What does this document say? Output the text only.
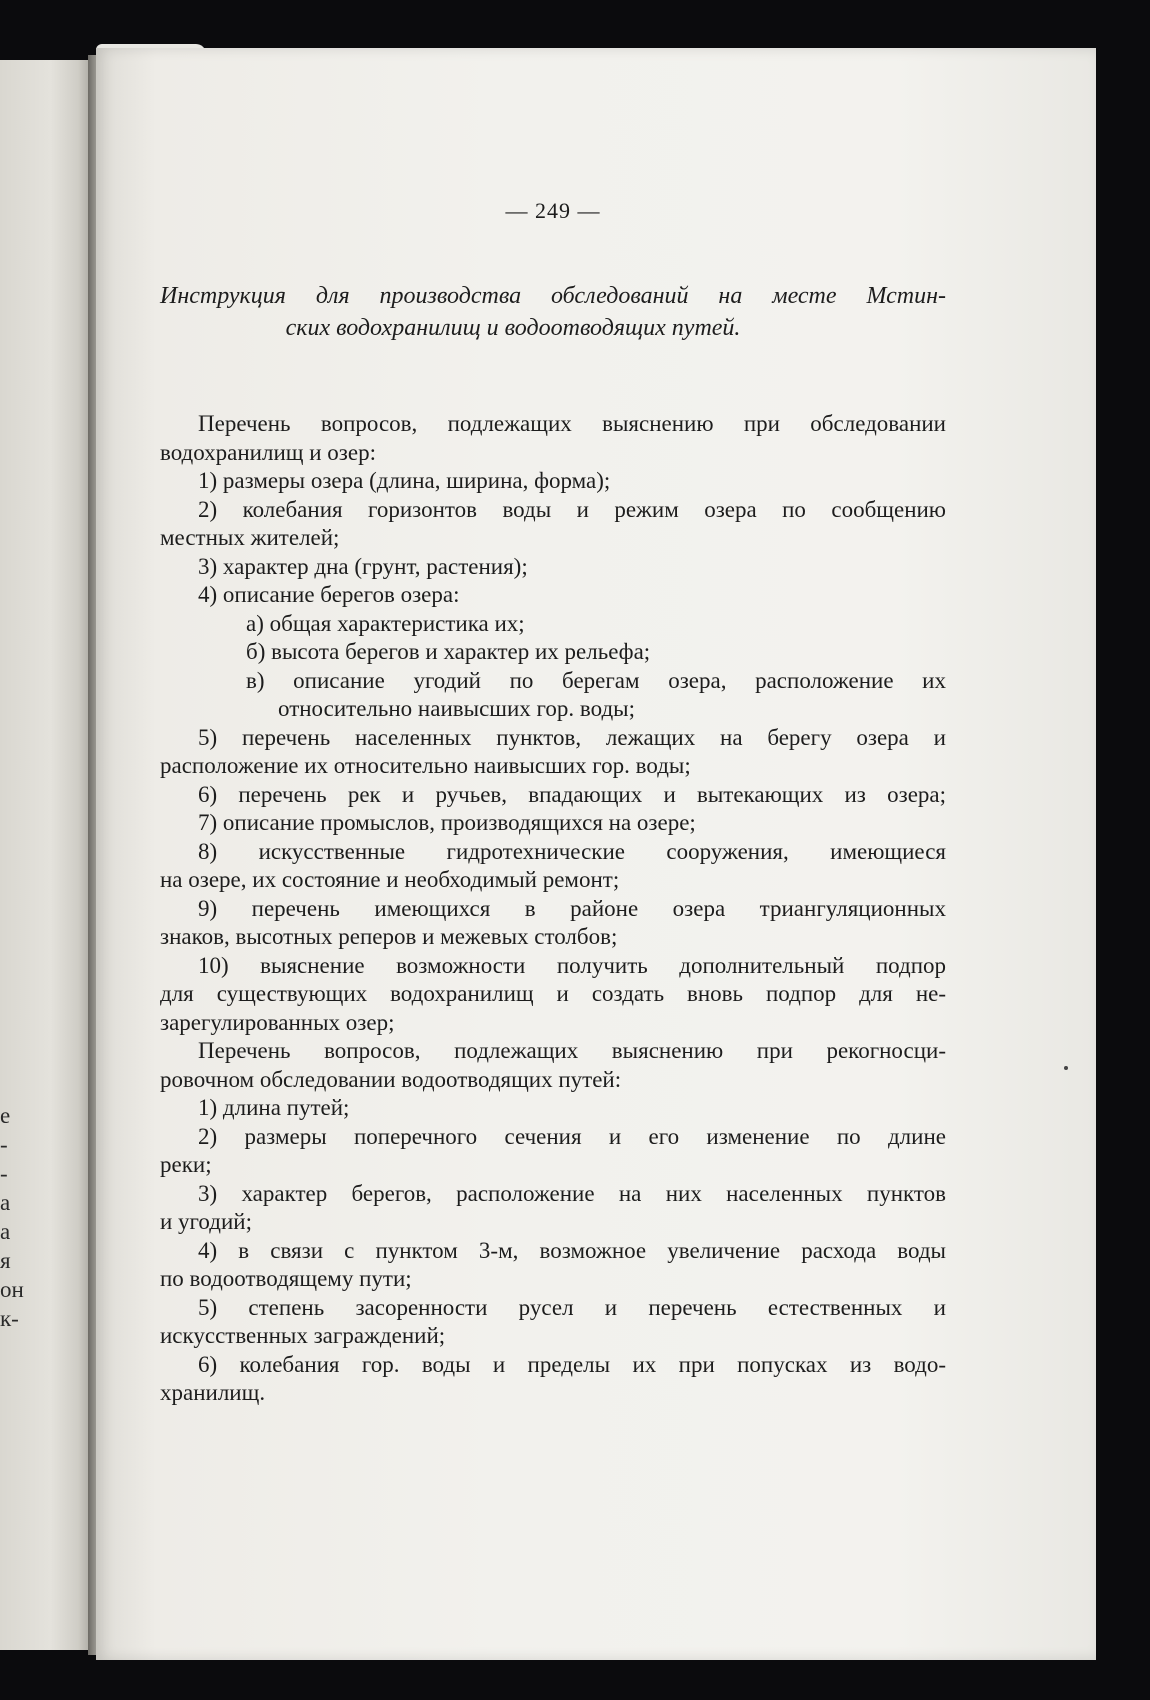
е
-
-
а
а
я
он
к-
— 249 —
Инструкция для производства обследований на месте Мстин-
ских водохранилищ и водоотводящих путей.
Перечень вопросов, подлежащих выяснению при обследовании
водохранилищ и озер:
1) размеры озера (длина, ширина, форма);
2) колебания горизонтов воды и режим озера по сообщению
местных жителей;
3) характер дна (грунт, растения);
4) описание берегов озера:
а) общая характеристика их;
б) высота берегов и характер их рельефа;
в) описание угодий по берегам озера, расположение их
относительно наивысших гор. воды;
5) перечень населенных пунктов, лежащих на берегу озера и
расположение их относительно наивысших гор. воды;
6) перечень рек и ручьев, впадающих и вытекающих из озера;
7) описание промыслов, производящихся на озере;
8) искусственные гидротехнические сооружения, имеющиеся
на озере, их состояние и необходимый ремонт;
9) перечень имеющихся в районе озера триангуляционных
знаков, высотных реперов и межевых столбов;
10) выяснение возможности получить дополнительный подпор
для существующих водохранилищ и создать вновь подпор для не-
зарегулированных озер;
Перечень вопросов, подлежащих выяснению при рекогносци-
ровочном обследовании водоотводящих путей:
1) длина путей;
2) размеры поперечного сечения и его изменение по длине
реки;
3) характер берегов, расположение на них населенных пунктов
и угодий;
4) в связи с пунктом 3-м, возможное увеличение расхода воды
по водоотводящему пути;
5) степень засоренности русел и перечень естественных и
искусственных заграждений;
6) колебания гор. воды и пределы их при попусках из водо-
хранилищ.
